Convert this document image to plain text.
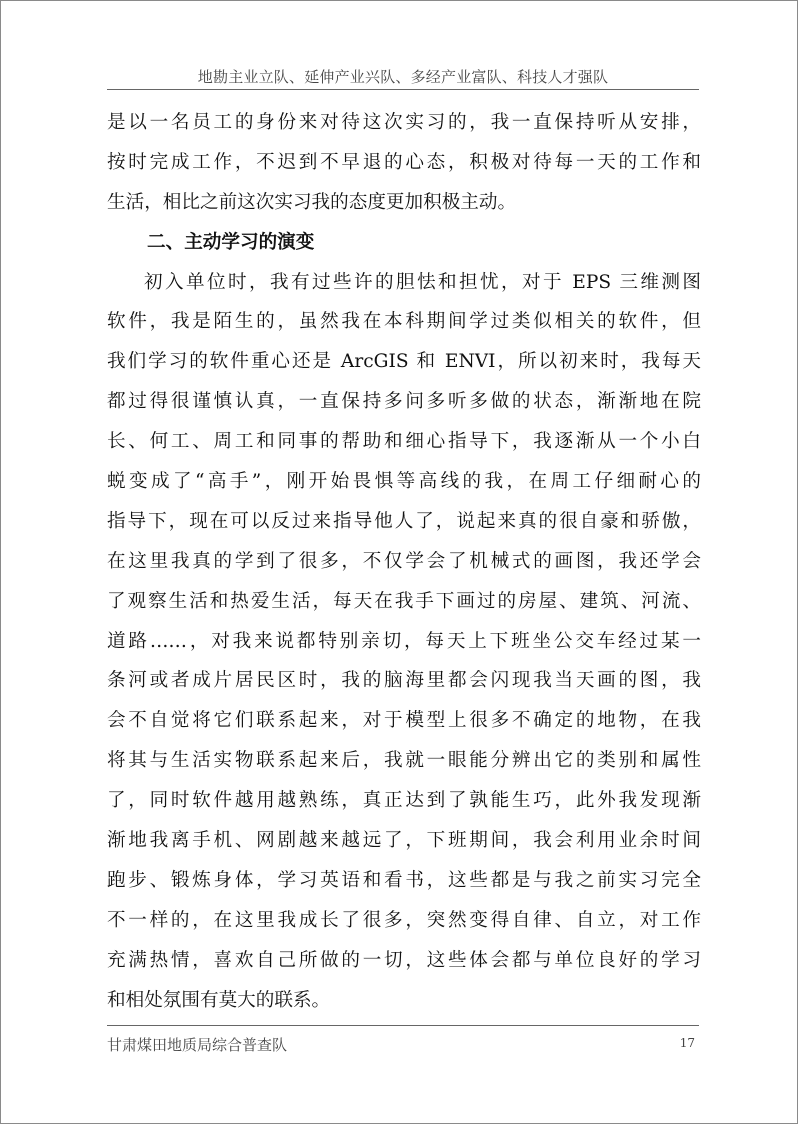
地勘主业立队、延伸产业兴队、多经产业富队、科技人才强队
是以一名员工的身份来对待这次实习的，我一直保持听从安排，
按时完成工作，不迟到不早退的心态，积极对待每一天的工作和
生活，相比之前这次实习我的态度更加积极主动。
二、主动学习的演变
初入单位时，我有过些许的胆怯和担忧，对于 EPS 三维测图
软件，我是陌生的，虽然我在本科期间学过类似相关的软件，但
我们学习的软件重心还是 ArcGIS 和 ENVI，所以初来时，我每天
都过得很谨慎认真，一直保持多问多听多做的状态，渐渐地在院
长、何工、周工和同事的帮助和细心指导下，我逐渐从一个小白
蜕变成了“高手”，刚开始畏惧等高线的我，在周工仔细耐心的
指导下，现在可以反过来指导他人了，说起来真的很自豪和骄傲，
在这里我真的学到了很多，不仅学会了机械式的画图，我还学会
了观察生活和热爱生活，每天在我手下画过的房屋、建筑、河流、
道路……，对我来说都特别亲切，每天上下班坐公交车经过某一
条河或者成片居民区时，我的脑海里都会闪现我当天画的图，我
会不自觉将它们联系起来，对于模型上很多不确定的地物，在我
将其与生活实物联系起来后，我就一眼能分辨出它的类别和属性
了，同时软件越用越熟练，真正达到了孰能生巧，此外我发现渐
渐地我离手机、网剧越来越远了，下班期间，我会利用业余时间
跑步、锻炼身体，学习英语和看书，这些都是与我之前实习完全
不一样的，在这里我成长了很多，突然变得自律、自立，对工作
充满热情，喜欢自己所做的一切，这些体会都与单位良好的学习
和相处氛围有莫大的联系。
甘肃煤田地质局综合普查队	17
